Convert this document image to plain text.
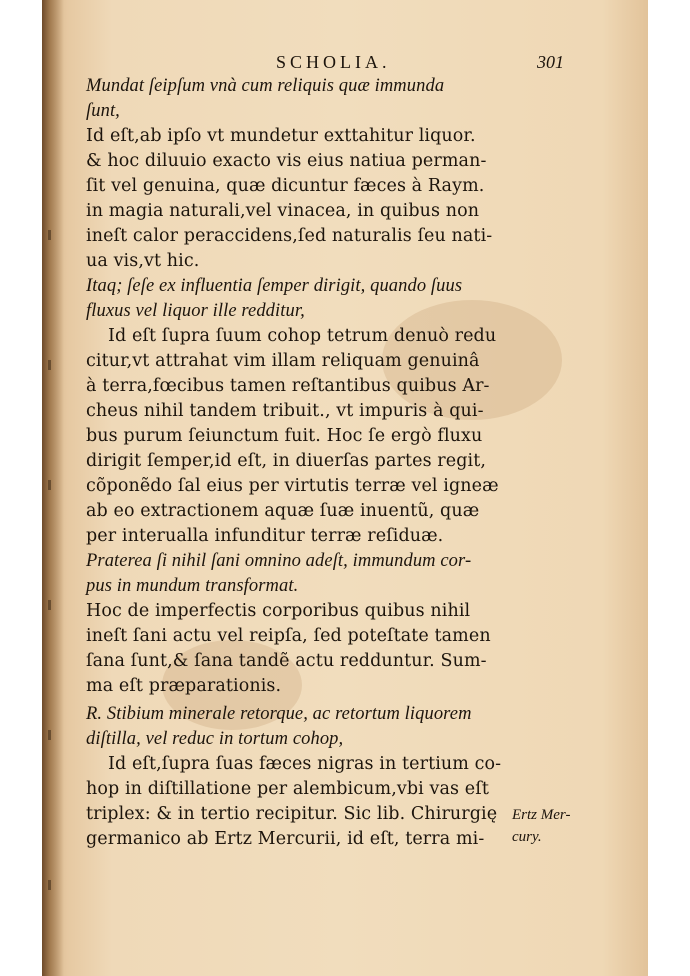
SCHOLIA.	301
Mundat ſeipſum vnà cum reliquis quæ immunda
ſunt,
Id eſt,ab ipſo vt mundetur exttahitur liquor.
& hoc diluuio exacto vis eius natiua perman-
ſit vel genuina, quæ dicuntur fæces à Raym.
in magia naturali,vel vinacea, in quibus non
ineſt calor peraccidens,ſed naturalis ſeu nati-
ua vis,vt hic.
Itaq; ſeſe ex influentia ſemper dirigit, quando ſuus
fluxus vel liquor ille redditur,
Id eſt ſupra ſuum cohop tetrum denuò redu
citur,vt attrahat vim illam reliquam genuinâ
à terra,fœcibus tamen reſtantibus quibus Ar-
cheus nihil tandem tribuit., vt impuris à qui-
bus purum ſeiunctum fuit. Hoc ſe ergò fluxu
dirigit ſemper,id eſt, in diuerſas partes regit,
cõponẽdo ſal eius per virtutis terræ vel igneæ
ab eo extractionem aquæ ſuæ inuentũ, quæ
per interualla infunditur terræ reſiduæ.
Praterea ſi nihil ſani omnino adeſt, immundum cor-
pus in mundum transformat.
Hoc de imperfectis corporibus quibus nihil
ineſt ſani actu vel reipſa, ſed poteſtate tamen
ſana ſunt,& ſana tandẽ actu redduntur. Sum-
ma eſt præparationis.
R. Stibium minerale retorque, ac retortum liquorem
diſtilla, vel reduc in tortum cohop,
Id eſt,ſupra ſuas fæces nigras in tertium co-
hop in diſtillatione per alembicum,vbi vas eſt
triplex: & in tertio recipitur. Sic lib. Chirurgię
germanico ab Ertz Mercurii, id eſt, terra mi-
Ertz Mer-
cury.
